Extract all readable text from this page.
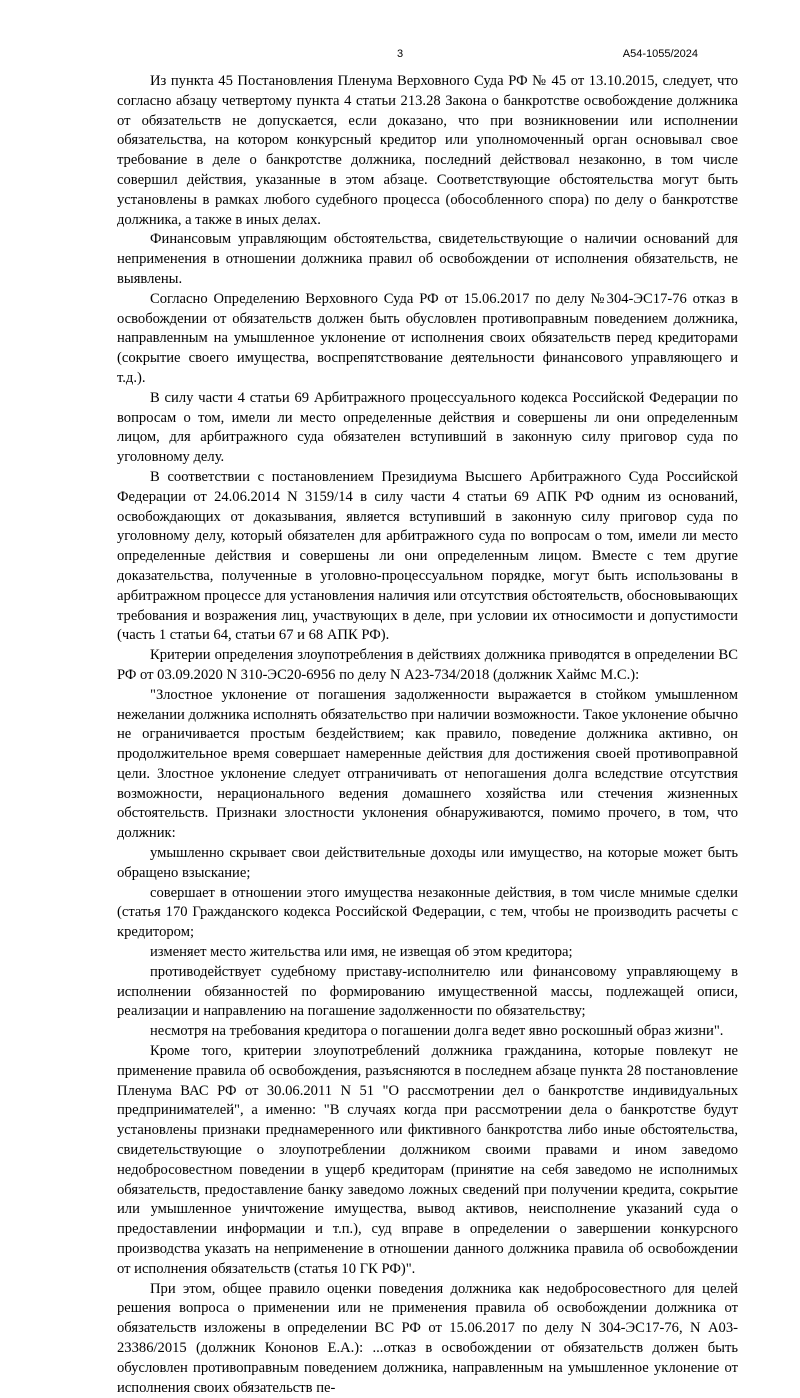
3	А54-1055/2024

Из пункта 45 Постановления Пленума Верховного Суда РФ № 45 от 13.10.2015, следует, что согласно абзацу четвертому пункта 4 статьи 213.28 Закона о банкротстве освобождение должника от обязательств не допускается, если доказано, что при возникновении или исполнении обязательства, на котором конкурсный кредитор или уполномоченный орган основывал свое требование в деле о банкротстве должника, последний действовал незаконно, в том числе совершил действия, указанные в этом абзаце. Соответствующие обстоятельства могут быть установлены в рамках любого судебного процесса (обособленного спора) по делу о банкротстве должника, а также в иных делах.

Финансовым управляющим обстоятельства, свидетельствующие о наличии оснований для неприменения в отношении должника правил об освобождении от исполнения обязательств, не выявлены.

Согласно Определению Верховного Суда РФ от 15.06.2017 по делу №304-ЭС17-76 отказ в освобождении от обязательств должен быть обусловлен противоправным поведением должника, направленным на умышленное уклонение от исполнения своих обязательств перед кредиторами (сокрытие своего имущества, воспрепятствование деятельности финансового управляющего и т.д.).

В силу части 4 статьи 69 Арбитражного процессуального кодекса Российской Федерации по вопросам о том, имели ли место определенные действия и совершены ли они определенным лицом, для арбитражного суда обязателен вступивший в законную силу приговор суда по уголовному делу.

В соответствии с постановлением Президиума Высшего Арбитражного Суда Российской Федерации от 24.06.2014 N 3159/14 в силу части 4 статьи 69 АПК РФ одним из оснований, освобождающих от доказывания, является вступивший в законную силу приговор суда по уголовному делу, который обязателен для арбитражного суда по вопросам о том, имели ли место определенные действия и совершены ли они определенным лицом. Вместе с тем другие доказательства, полученные в уголовно-процессуальном порядке, могут быть использованы в арбитражном процессе для установления наличия или отсутствия обстоятельств, обосновывающих требования и возражения лиц, участвующих в деле, при условии их относимости и допустимости (часть 1 статьи 64, статьи 67 и 68 АПК РФ).

Критерии определения злоупотребления в действиях должника приводятся в определении ВС РФ от 03.09.2020 N 310-ЭС20-6956 по делу N А23-734/2018 (должник Хаймс М.С.):

"Злостное уклонение от погашения задолженности выражается в стойком умышленном нежелании должника исполнять обязательство при наличии возможности. Такое уклонение обычно не ограничивается простым бездействием; как правило, поведение должника активно, он продолжительное время совершает намеренные действия для достижения своей противоправной цели. Злостное уклонение следует отграничивать от непогашения долга вследствие отсутствия возможности, нерационального ведения домашнего хозяйства или стечения жизненных обстоятельств. Признаки злостности уклонения обнаруживаются, помимо прочего, в том, что должник:

умышленно скрывает свои действительные доходы или имущество, на которые может быть обращено взыскание;

совершает в отношении этого имущества незаконные действия, в том числе мнимые сделки (статья 170 Гражданского кодекса Российской Федерации, с тем, чтобы не производить расчеты с кредитором;

изменяет место жительства или имя, не извещая об этом кредитора;

противодействует судебному приставу-исполнителю или финансовому управляющему в исполнении обязанностей по формированию имущественной массы, подлежащей описи, реализации и направлению на погашение задолженности по обязательству;

несмотря на требования кредитора о погашении долга ведет явно роскошный образ жизни".

Кроме того, критерии злоупотреблений должника гражданина, которые повлекут не применение правила об освобождения, разъясняются в последнем абзаце пункта 28 постановление Пленума ВАС РФ от 30.06.2011 N 51 "О рассмотрении дел о банкротстве индивидуальных предпринимателей", а именно: "В случаях когда при рассмотрении дела о банкротстве будут установлены признаки преднамеренного или фиктивного банкротства либо иные обстоятельства, свидетельствующие о злоупотреблении должником своими правами и ином заведомо недобросовестном поведении в ущерб кредиторам (принятие на себя заведомо не исполнимых обязательств, предоставление банку заведомо ложных сведений при получении кредита, сокрытие или умышленное уничтожение имущества, вывод активов, неисполнение указаний суда о предоставлении информации и т.п.), суд вправе в определении о завершении конкурсного производства указать на неприменение в отношении данного должника правила об освобождении от исполнения обязательств (статья 10 ГК РФ)".

При этом, общее правило оценки поведения должника как недобросовестного для целей решения вопроса о применении или не применения правила об освобождении должника от обязательств изложены в определении ВС РФ от 15.06.2017 по делу N 304-ЭС17-76, N А03-23386/2015 (должник Кононов Е.А.): ...отказ в освобождении от обязательств должен быть обусловлен противоправным поведением должника, направленным на умышленное уклонение от исполнения своих обязательств пе-
